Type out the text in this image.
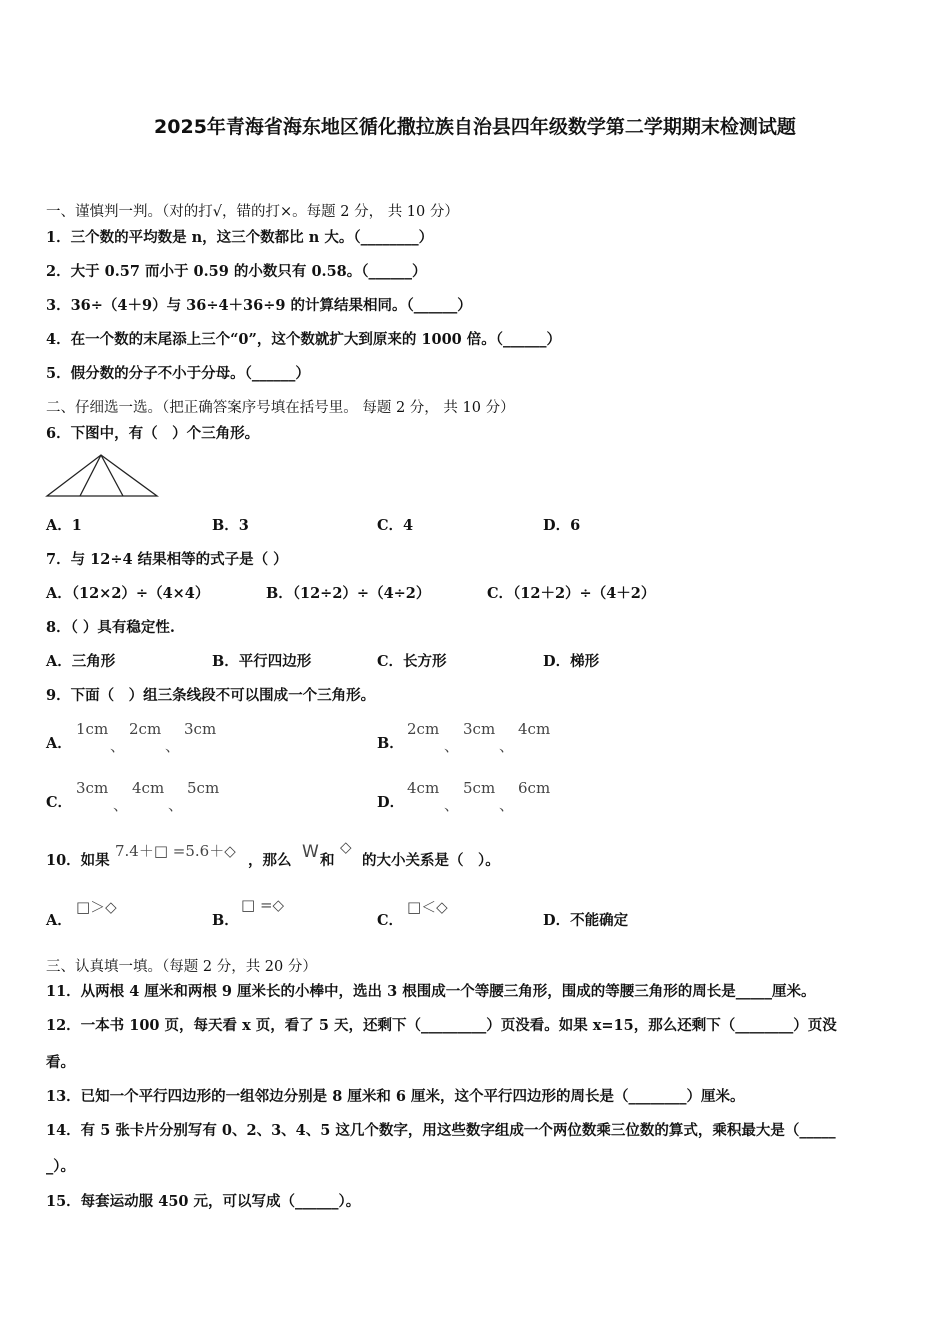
2025年青海省海东地区循化撒拉族自治县四年级数学第二学期期末检测试题
一、谨慎判一判。（对的打√，错的打×。每题 2 分， 共 10 分）
1．三个数的平均数是 n，这三个数都比 n 大。（________）
2．大于 0.57 而小于 0.59 的小数只有 0.58。（______）
3．36÷（4＋9）与 36÷4＋36÷9 的计算结果相同。（______）
4．在一个数的末尾添上三个“0”，这个数就扩大到原来的 1000 倍。（______）
5．假分数的分子不小于分母。（______）
二、仔细选一选。（把正确答案序号填在括号里。 每题 2 分， 共 10 分）
6．下图中，有（　）个三角形。
A．1	B．3	C．4	D．6
7．与 12÷4 结果相等的式子是（ ）
A．（12×2）÷（4×4）	B．（12÷2）÷（4÷2）	C．（12＋2）÷（4＋2）
8．（ ）具有稳定性.
A．三角形	B．平行四边形	C．长方形	D．梯形
9．下面（　）组三条线段不可以围成一个三角形。
A．
1cm
、
2cm
、
3cm
B．
2cm
、
3cm
、
4cm
C．
3cm
、
4cm
、
5cm
D．
4cm
、
5cm
、
6cm
10．如果
7.4＋□ =5.6＋◇
，那么 W 和
◇
的大小关系是（　）。
A．
□＞◇
B．
□ =◇
C．
□＜◇
D．不能确定
三、认真填一填。（每题 2 分，共 20 分）
11．从两根 4 厘米和两根 9 厘米长的小棒中，选出 3 根围成一个等腰三角形，围成的等腰三角形的周长是_____厘米。
12．一本书 100 页，每天看 x 页，看了 5 天，还剩下（_________）页没看。如果 x=15，那么还剩下（________）页没
看。
13．已知一个平行四边形的一组邻边分别是 8 厘米和 6 厘米，这个平行四边形的周长是（________）厘米。
14．有 5 张卡片分别写有 0、2、3、4、5 这几个数字，用这些数字组成一个两位数乘三位数的算式，乘积最大是（_____
_）。
15．每套运动服 450 元，可以写成（______）。
